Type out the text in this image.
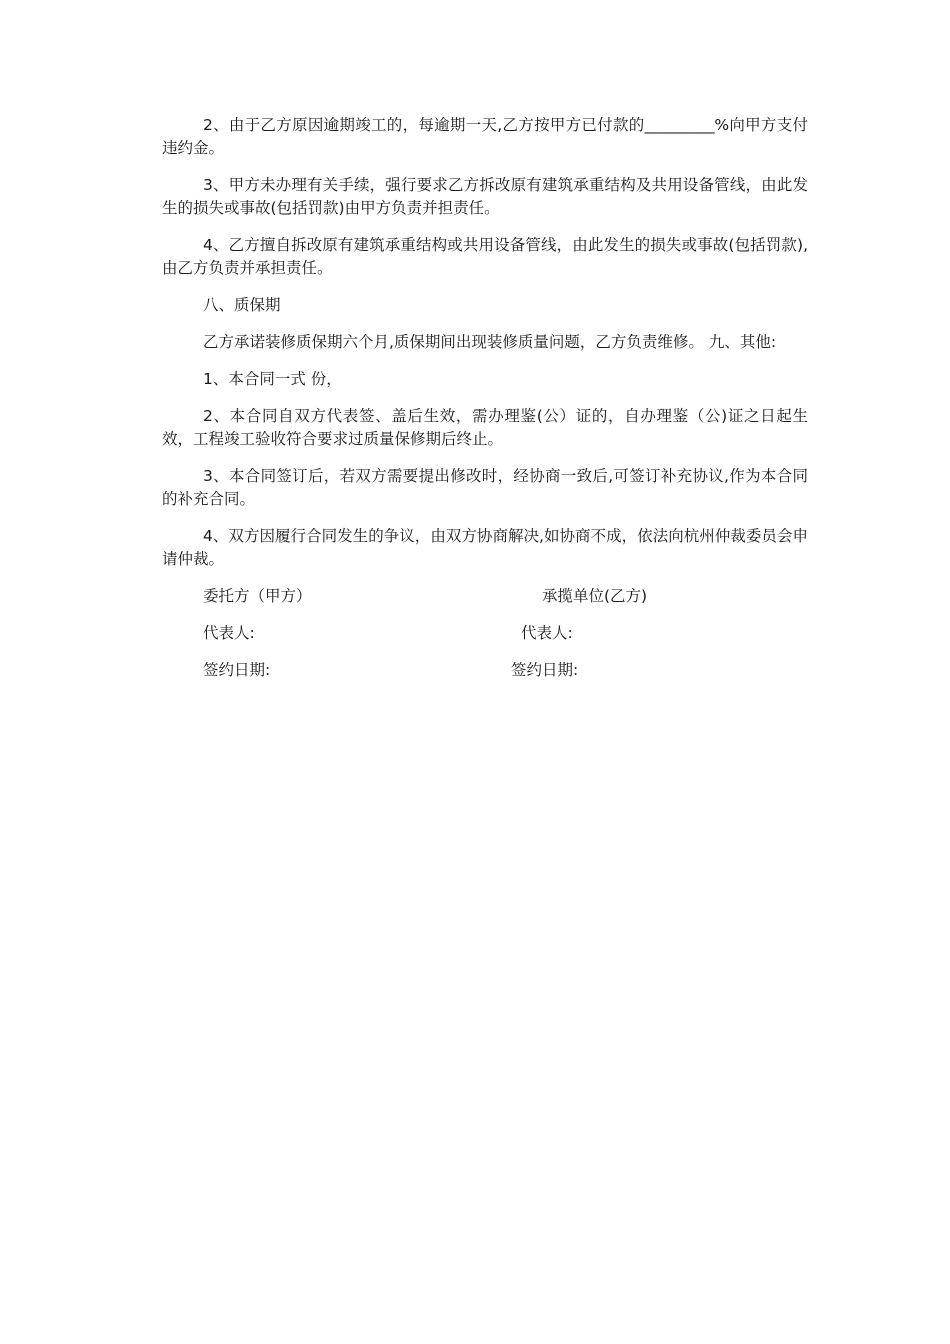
2、由于乙方原因逾期竣工的，每逾期一天,乙方按甲方已付款的_________%向甲方支付违约金。

3、甲方未办理有关手续，强行要求乙方拆改原有建筑承重结构及共用设备管线，由此发生的损失或事故(包括罚款)由甲方负责并担责任。

4、乙方擅自拆改原有建筑承重结构或共用设备管线，由此发生的损失或事故(包括罚款),由乙方负责并承担责任。

八、质保期

乙方承诺装修质保期六个月,质保期间出现装修质量问题，乙方负责维修。 九、其他:

1、本合同一式 份，

2、本合同自双方代表签、盖后生效，需办理鉴(公）证的，自办理鉴（公)证之日起生效，工程竣工验收符合要求过质量保修期后终止。

3、本合同签订后，若双方需要提出修改时，经协商一致后,可签订补充协议,作为本合同的补充合同。

4、双方因履行合同发生的争议，由双方协商解决,如协商不成，依法向杭州仲裁委员会申请仲裁。

委托方（甲方）	承揽单位(乙方)
代表人:	代表人:
签约日期:	签约日期:
